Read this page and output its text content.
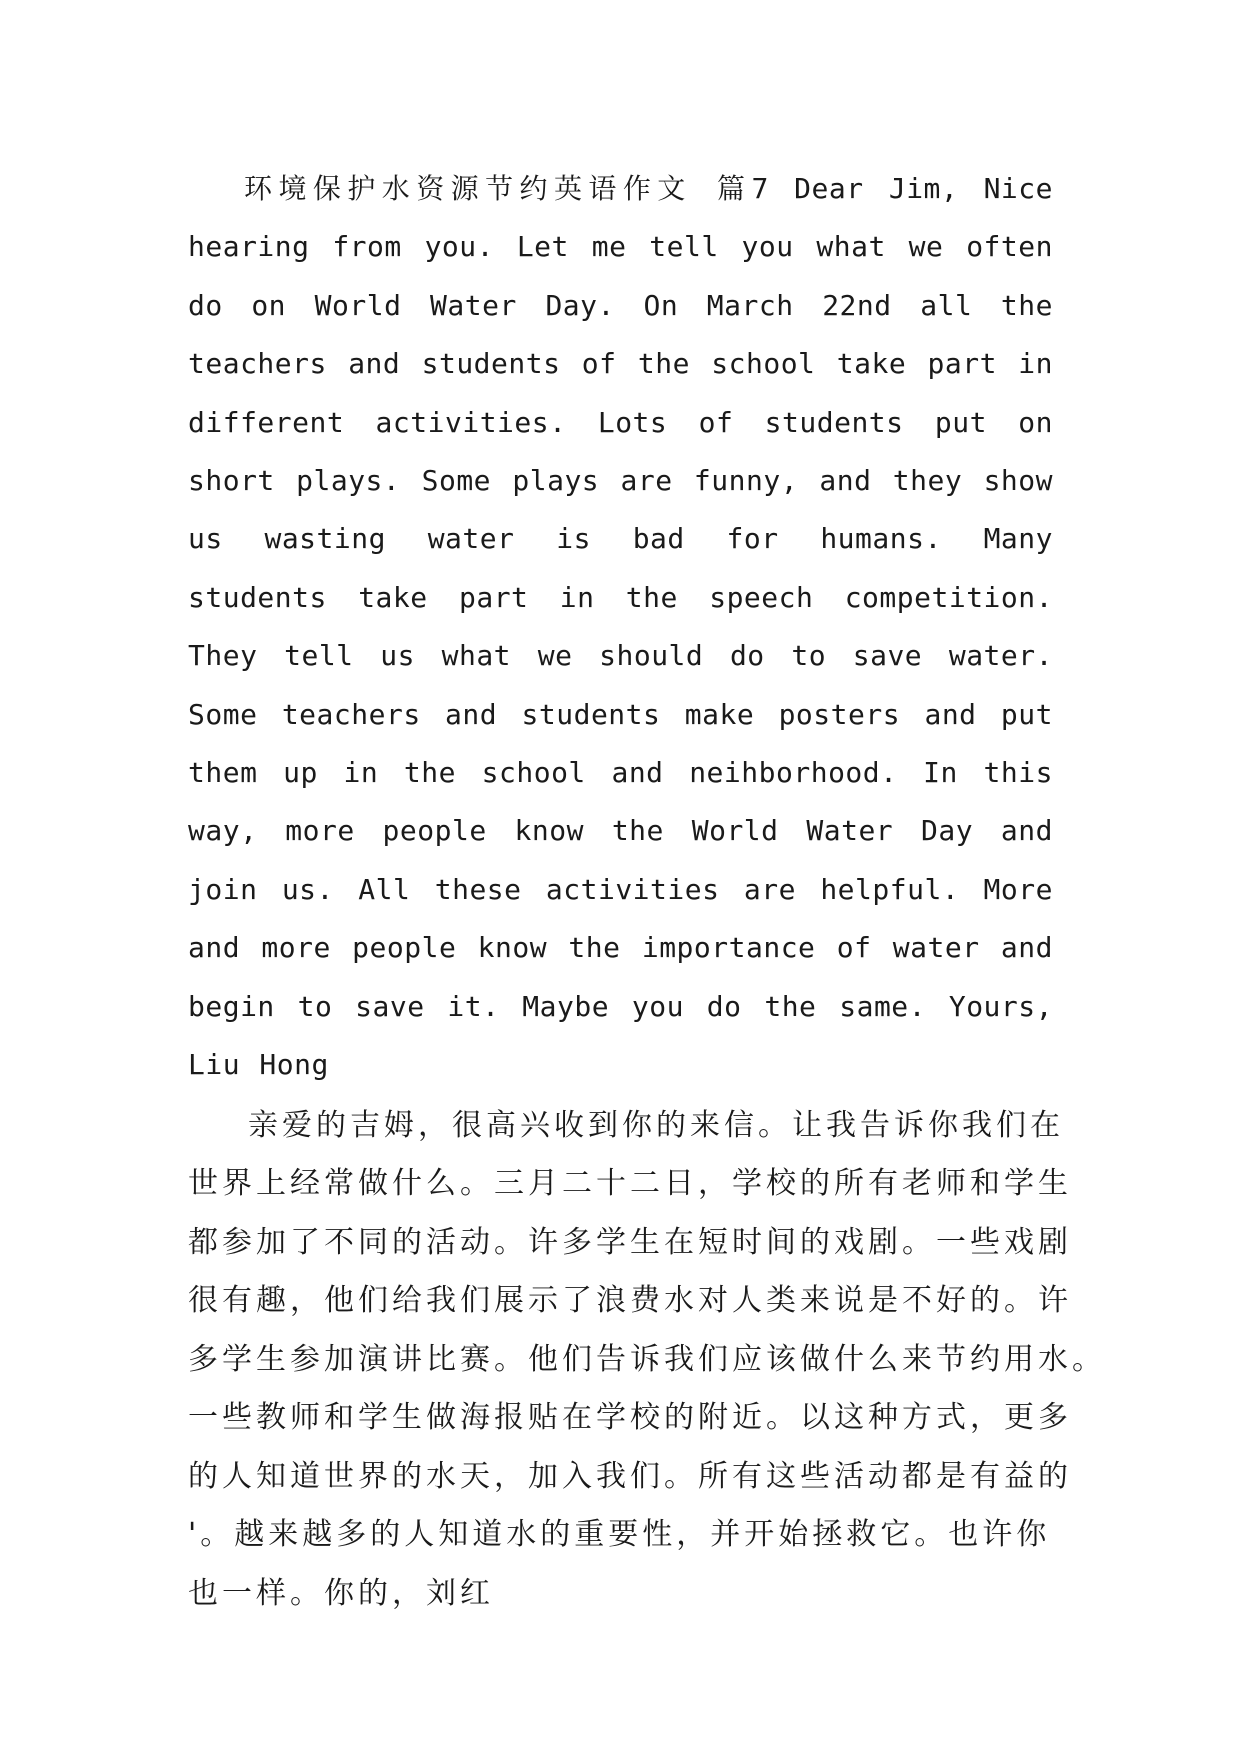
环境保护水资源节约英语作文 篇7 Dear Jim, Nice hearing from you. Let me tell you what we often do on World Water Day. On March 22nd all the teachers and students of the school take part in different activities. Lots of students put on short plays. Some plays are funny, and they show us wasting water is bad for humans. Many students take part in the speech competition. They tell us what we should do to save water. Some teachers and students make posters and put them up in the school and neihborhood. In this way, more people know the World Water Day and join us. All these activities are helpful. More and more people know the importance of water and begin to save it. Maybe you do the same. Yours, Liu Hong

亲爱的吉姆，很高兴收到你的来信。让我告诉你我们在
世界上经常做什么。三月二十二日，学校的所有老师和学生
都参加了不同的活动。许多学生在短时间的戏剧。一些戏剧
很有趣，他们给我们展示了浪费水对人类来说是不好的。许
多学生参加演讲比赛。他们告诉我们应该做什么来节约用水。
一些教师和学生做海报贴在学校的附近。以这种方式，更多
的人知道世界的水天，加入我们。所有这些活动都是有益的
'。越来越多的人知道水的重要性，并开始拯救它。也许你
也一样。你的，刘红
